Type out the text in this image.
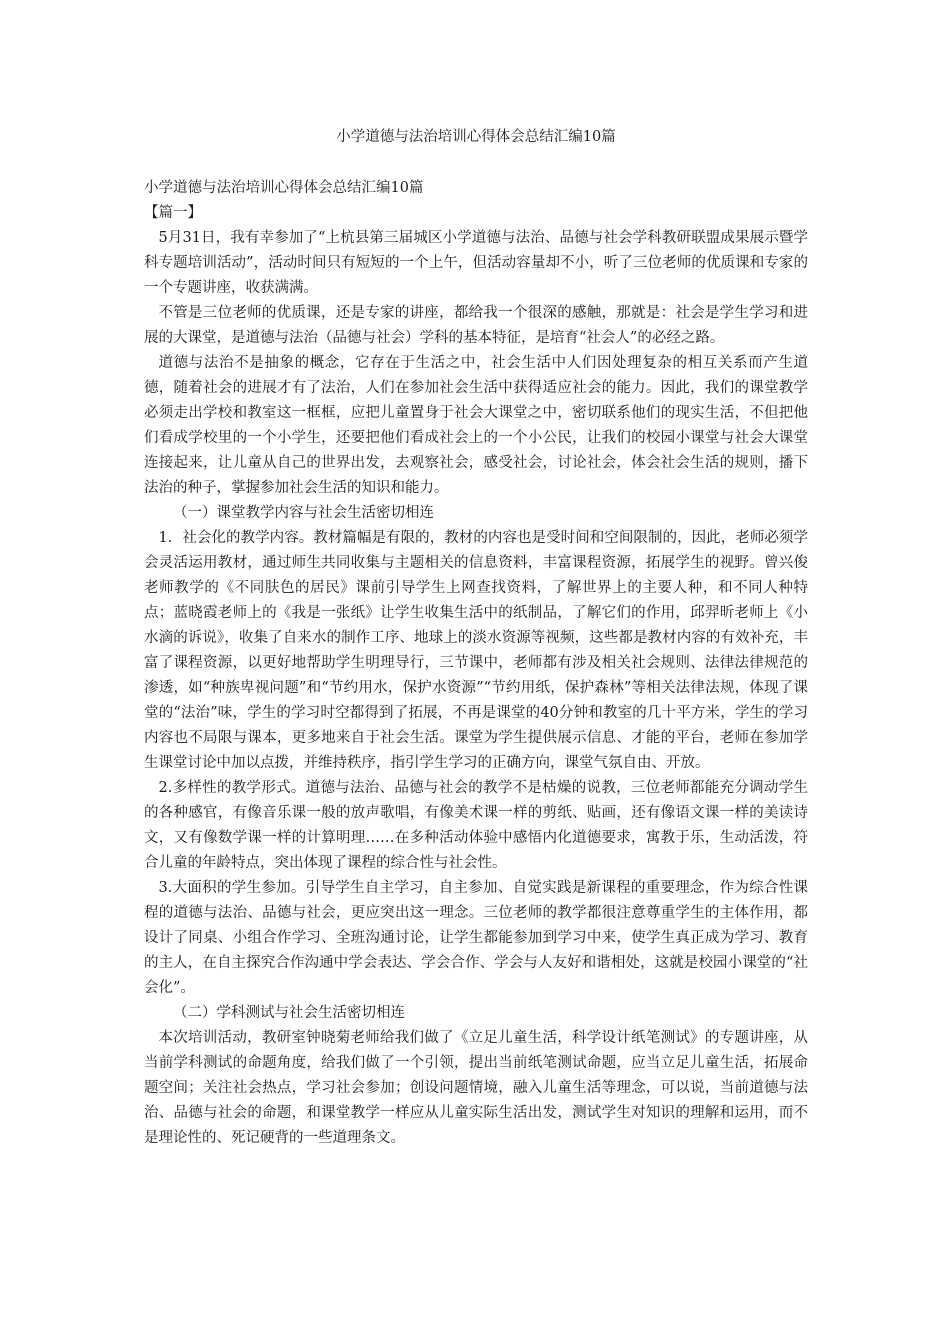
小学道德与法治培训心得体会总结汇编10篇

小学道德与法治培训心得体会总结汇编10篇

【篇一】

5月31日，我有幸参加了“上杭县第三届城区小学道德与法治、品德与社会学科教研联盟成果展示暨学科专题培训活动”，活动时间只有短短的一个上午，但活动容量却不小，听了三位老师的优质课和专家的一个专题讲座，收获满满。

不管是三位老师的优质课，还是专家的讲座，都给我一个很深的感触，那就是：社会是学生学习和进展的大课堂，是道德与法治（品德与社会）学科的基本特征，是培育“社会人”的必经之路。

道德与法治不是抽象的概念，它存在于生活之中，社会生活中人们因处理复杂的相互关系而产生道德，随着社会的进展才有了法治，人们在参加社会生活中获得适应社会的能力。因此，我们的课堂教学必须走出学校和教室这一框框，应把儿童置身于社会大课堂之中，密切联系他们的现实生活，不但把他们看成学校里的一个小学生，还要把他们看成社会上的一个小公民，让我们的校园小课堂与社会大课堂连接起来，让儿童从自己的世界出发，去观察社会，感受社会，讨论社会，体会社会生活的规则，播下法治的种子，掌握参加社会生活的知识和能力。

（一）课堂教学内容与社会生活密切相连

1．社会化的教学内容。教材篇幅是有限的，教材的内容也是受时间和空间限制的，因此，老师必须学会灵活运用教材，通过师生共同收集与主题相关的信息资料，丰富课程资源，拓展学生的视野。曾兴俊老师教学的《不同肤色的居民》课前引导学生上网查找资料，了解世界上的主要人种，和不同人种特点；蓝晓霞老师上的《我是一张纸》让学生收集生活中的纸制品，了解它们的作用，邱羿昕老师上《小水滴的诉说》，收集了自来水的制作工序、地球上的淡水资源等视频，这些都是教材内容的有效补充，丰富了课程资源，以更好地帮助学生明理导行，三节课中，老师都有涉及相关社会规则、法律法律规范的渗透，如“种族卑视问题”和“节约用水，保护水资源”“节约用纸，保护森林”等相关法律法规，体现了课堂的“法治”味，学生的学习时空都得到了拓展，不再是课堂的40分钟和教室的几十平方米，学生的学习内容也不局限与课本，更多地来自于社会生活。课堂为学生提供展示信息、才能的平台，老师在参加学生课堂讨论中加以点拨，并维持秩序，指引学生学习的正确方向，课堂气氛自由、开放。

2.多样性的教学形式。道德与法治、品德与社会的教学不是枯燥的说教，三位老师都能充分调动学生的各种感官，有像音乐课一般的放声歌唱，有像美术课一样的剪纸、贴画，还有像语文课一样的美读诗文，又有像数学课一样的计算明理……在多种活动体验中感悟内化道德要求，寓教于乐，生动活泼，符合儿童的年龄特点，突出体现了课程的综合性与社会性。

3.大面积的学生参加。引导学生自主学习，自主参加、自觉实践是新课程的重要理念，作为综合性课程的道德与法治、品德与社会，更应突出这一理念。三位老师的教学都很注意尊重学生的主体作用，都设计了同桌、小组合作学习、全班沟通讨论，让学生都能参加到学习中来，使学生真正成为学习、教育的主人，在自主探究合作沟通中学会表达、学会合作、学会与人友好和谐相处，这就是校园小课堂的“社会化”。

（二）学科测试与社会生活密切相连

本次培训活动，教研室钟晓菊老师给我们做了《立足儿童生活，科学设计纸笔测试》的专题讲座，从当前学科测试的命题角度，给我们做了一个引领，提出当前纸笔测试命题，应当立足儿童生活，拓展命题空间；关注社会热点，学习社会参加；创设问题情境，融入儿童生活等理念，可以说，当前道德与法治、品德与社会的命题，和课堂教学一样应从儿童实际生活出发，测试学生对知识的理解和运用，而不是理论性的、死记硬背的一些道理条文。
